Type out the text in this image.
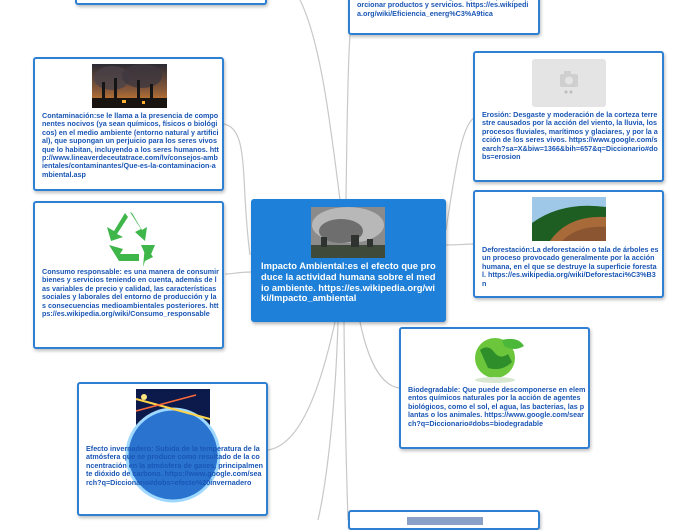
orcionar productos y servicios. https://es.wikipedia.org/wiki/Eficiencia_energ%C3%A9tica
Contaminación:se le llama a la presencia de componentes nocivos (ya sean químicos, físicos o biológicos) en el medio ambiente (entorno natural y artificial), que supongan un perjuicio para los seres vivos que lo habitan, incluyendo a los seres humanos. http://www.lineaverdeceutatrace.com/lv/consejos-ambientales/contaminantes/Que-es-la-contaminacion-ambiental.asp
Consumo responsable: es una manera de consumir bienes y servicios teniendo en cuenta, además de las variables de precio y calidad, las características sociales y laborales del entorno de producción y las consecuencias medioambientales posteriores. https://es.wikipedia.org/wiki/Consumo_responsable
Efecto invernadero: Subida de la temperatura de la atmósfera que se produce como resultado de la concentración en la atmósfera de gases, principalmente dióxido de carbono. https://www.google.com/search?q=Diccionario#dobs=efecto%20invernadero
Impacto Ambiental:es el efecto que produce la actividad humana sobre el medio ambiente. https://es.wikipedia.org/wiki/Impacto_ambiental
Erosión: Desgaste y moderación de la corteza terrestre causados por la acción del viento, la lluvia, los procesos fluviales, marítimos y glaciares, y por la acción de los seres vivos. https://www.google.com/search?sa=X&biw=1366&bih=657&q=Diccionario#dobs=erosion
Deforestación:La deforestación o tala de árboles es un proceso provocado generalmente por la acción humana, en el que se destruye la superficie forestal. https://es.wikipedia.org/wiki/Deforestaci%C3%B3n
Biodegradable: Que puede descomponerse en elementos químicos naturales por la acción de agentes biológicos, como el sol, el agua, las bacterias, las plantas o los animales. https://www.google.com/search?q=Diccionario#dobs=biodegradable
